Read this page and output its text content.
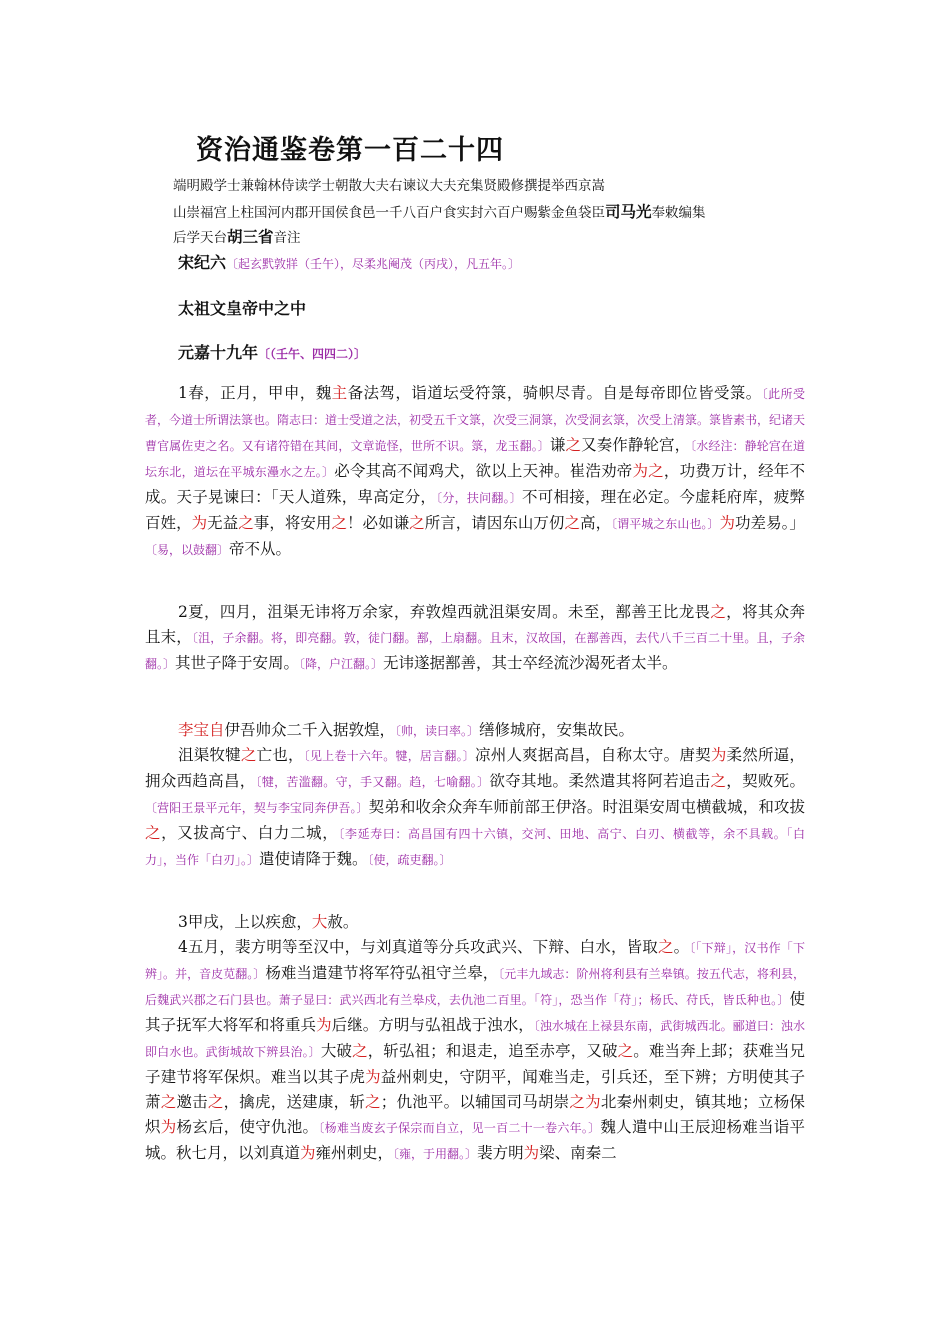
资治通鉴卷第一百二十四
端明殿学士兼翰林侍读学士朝散大夫右谏议大夫充集贤殿修撰提举西京嵩
山崇福宫上柱国河内郡开国侯食邑一千八百户食实封六百户赐紫金鱼袋臣司马光奉敕编集
后学天台胡三省音注
宋纪六〔起玄黓敦牂（壬午），尽柔兆阉茂（丙戌），凡五年。〕
太祖文皇帝中之中
元嘉十九年〔（壬午、四四二）〕
1春，正月，甲申，魏主备法驾，诣道坛受符箓，骑帜尽青。自是每帝即位皆受箓。〔此所受者，今道士所谓法箓也。隋志曰：道士受道之法，初受五千文箓，次受三洞箓，次受洞玄箓，次受上清箓。箓皆素书，纪诸天曹官属佐吏之名。又有诸符错在其间，文章诡怪，世所不识。箓，龙玉翻。〕谦之又奏作静轮宫，〔水经注：静轮宫在道坛东北，道坛在平城东灅水之左。〕必令其高不闻鸡犬，欲以上天神。崔浩劝帝为之，功费万计，经年不成。天子晃谏曰：「天人道殊，卑高定分，〔分，扶问翻。〕不可相接，理在必定。今虚耗府库，疲弊百姓，为无益之事，将安用之！必如谦之所言，请因东山万仞之高，〔谓平城之东山也。〕为功差易。」〔易，以鼓翻〕帝不从。
2夏，四月，沮渠无讳将万余家，弃敦煌西就沮渠安周。未至，鄯善王比龙畏之，将其众奔且末，〔沮，子余翻。将，即亮翻。敦，徒门翻。鄯，上扇翻。且末，汉故国，在鄯善西，去代八千三百二十里。且，子余翻。〕其世子降于安周。〔降，户江翻。〕无讳遂据鄯善，其士卒经流沙渴死者太半。
李宝自伊吾帅众二千入据敦煌，〔帅，读曰率。〕缮修城府，安集故民。
沮渠牧犍之亡也，〔见上卷十六年。犍，居言翻。〕凉州人爽据高昌，自称太守。唐契为柔然所逼，拥众西趋高昌，〔犍，苦滥翻。守，手又翻。趋，七喻翻。〕欲夺其地。柔然遣其将阿若追击之，契败死。〔营阳王景平元年，契与李宝同奔伊吾。〕契弟和收余众奔车师前部王伊洛。时沮渠安周屯横截城，和攻拔之，又拔高宁、白力二城，〔李延寿曰：高昌国有四十六镇，交河、田地、高宁、白刃、横截等，余不具载。「白力」，当作「白刃」。〕遣使请降于魏。〔使，疏吏翻。〕
3甲戌，上以疾愈，大赦。
4五月，裴方明等至汉中，与刘真道等分兵攻武兴、下辩、白水，皆取之。〔「下辩」，汉书作「下辨」。并，音皮苋翻。〕杨难当遣建节将军符弘祖守兰皋，〔元丰九域志：阶州将利县有兰皋镇。按五代志，将利县，后魏武兴郡之石门县也。萧子显曰：武兴西北有兰皋戍，去仇池二百里。「符」，恐当作「苻」；杨氏、苻氏，皆氐种也。〕使其子抚军大将军和将重兵为后继。方明与弘祖战于浊水，〔浊水城在上禄县东南，武街城西北。郦道曰：浊水即白水也。武街城故下辨县治。〕大破之，斩弘祖；和退走，追至赤亭，又破之。难当奔上邽；获难当兄子建节将军保炽。难当以其子虎为益州刺史，守阴平，闻难当走，引兵还，至下辨；方明使其子萧之邀击之，擒虎，送建康，斩之；仇池平。以辅国司马胡崇之为北秦州刺史，镇其地；立杨保炽为杨玄后，使守仇池。〔杨难当废玄子保宗而自立，见一百二十一卷六年。〕魏人遣中山王辰迎杨难当诣平城。秋七月，以刘真道为雍州刺史，〔雍，于用翻。〕裴方明为梁、南秦二
